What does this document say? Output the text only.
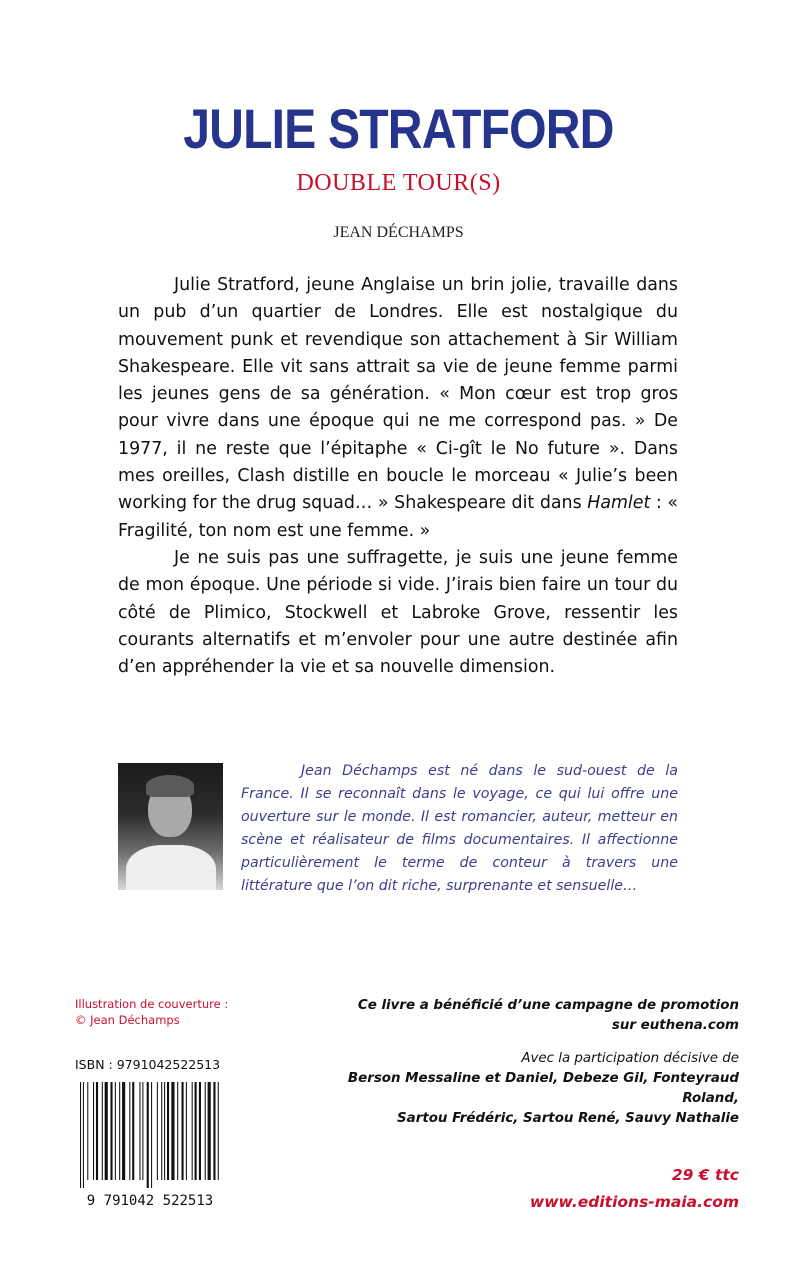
JULIE STRATFORD
DOUBLE TOUR(S)
JEAN DÉCHAMPS

Julie Stratford, jeune Anglaise un brin jolie, travaille dans un pub d’un quartier de Londres. Elle est nostalgique du mouvement punk et revendique son attachement à Sir William Shakespeare. Elle vit sans attrait sa vie de jeune femme parmi les jeunes gens de sa génération. « Mon cœur est trop gros pour vivre dans une époque qui ne me correspond pas. » De 1977, il ne reste que l’épitaphe « Ci-gît le No future ». Dans mes oreilles, Clash distille en boucle le morceau « Julie’s been working for the drug squad… » Shakespeare dit dans Hamlet : « Fragilité, ton nom est une femme. »

Je ne suis pas une suffragette, je suis une jeune femme de mon époque. Une période si vide. J’irais bien faire un tour du côté de Plimico, Stockwell et Labroke Grove, ressentir les courants alternatifs et m’envoler pour une autre destinée afin d’en appréhender la vie et sa nouvelle dimension.

Jean Déchamps est né dans le sud-ouest de la France. Il se reconnaît dans le voyage, ce qui lui offre une ouverture sur le monde. Il est romancier, auteur, metteur en scène et réalisateur de films documentaires. Il affectionne particulièrement le terme de conteur à travers une littérature que l’on dit riche, surprenante et sensuelle…

Illustration de couverture :
© Jean Déchamps
ISBN : 9791042522513
9 791042 522513
Ce livre a bénéficié d’une campagne de promotion
sur euthena.com
Avec la participation décisive de
Berson Messaline et Daniel, Debeze Gil, Fonteyraud Roland,
Sartou Frédéric, Sartou René, Sauvy Nathalie
29 € ttc
www.editions-maia.com
